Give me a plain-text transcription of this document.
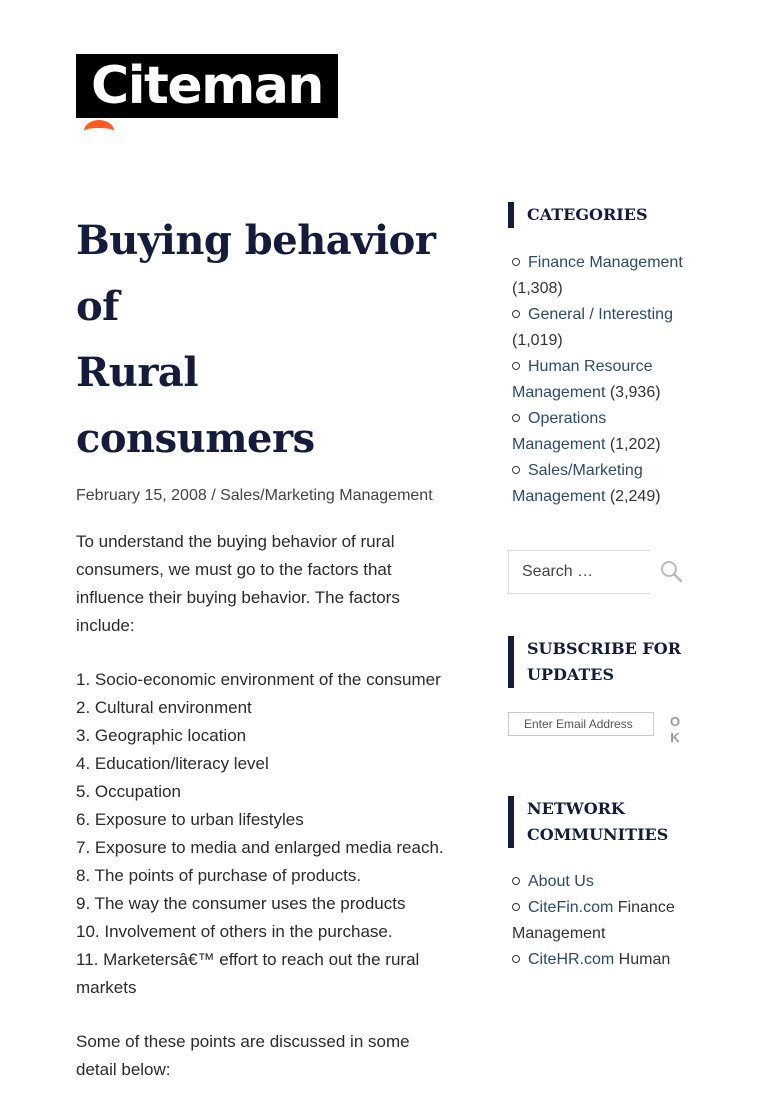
Citeman
Buying behavior of
Rural consumers
February 15, 2008 / Sales/Marketing Management

To understand the buying behavior of rural consumers, we must go to the factors that influence their buying behavior. The factors include:

1. Socio-economic environment of the consumer
2. Cultural environment
3. Geographic location
4. Education/literacy level
5. Occupation
6. Exposure to urban lifestyles
7. Exposure to media and enlarged media reach.
8. The points of purchase of products.
9. The way the consumer uses the products
10. Involvement of others in the purchase.
11. Marketersâ€™ effort to reach out the rural markets

Some of these points are discussed in some detail below:

CATEGORIES
Finance Management (1,308)
General / Interesting (1,019)
Human Resource Management (3,936)
Operations Management (1,202)
Sales/Marketing Management (2,249)
SUBSCRIBE FOR
UPDATES
NETWORK
COMMUNITIES
About Us
CiteFin.com Finance Management
CiteHR.com Human
Search …
Enter Email Address
OK
